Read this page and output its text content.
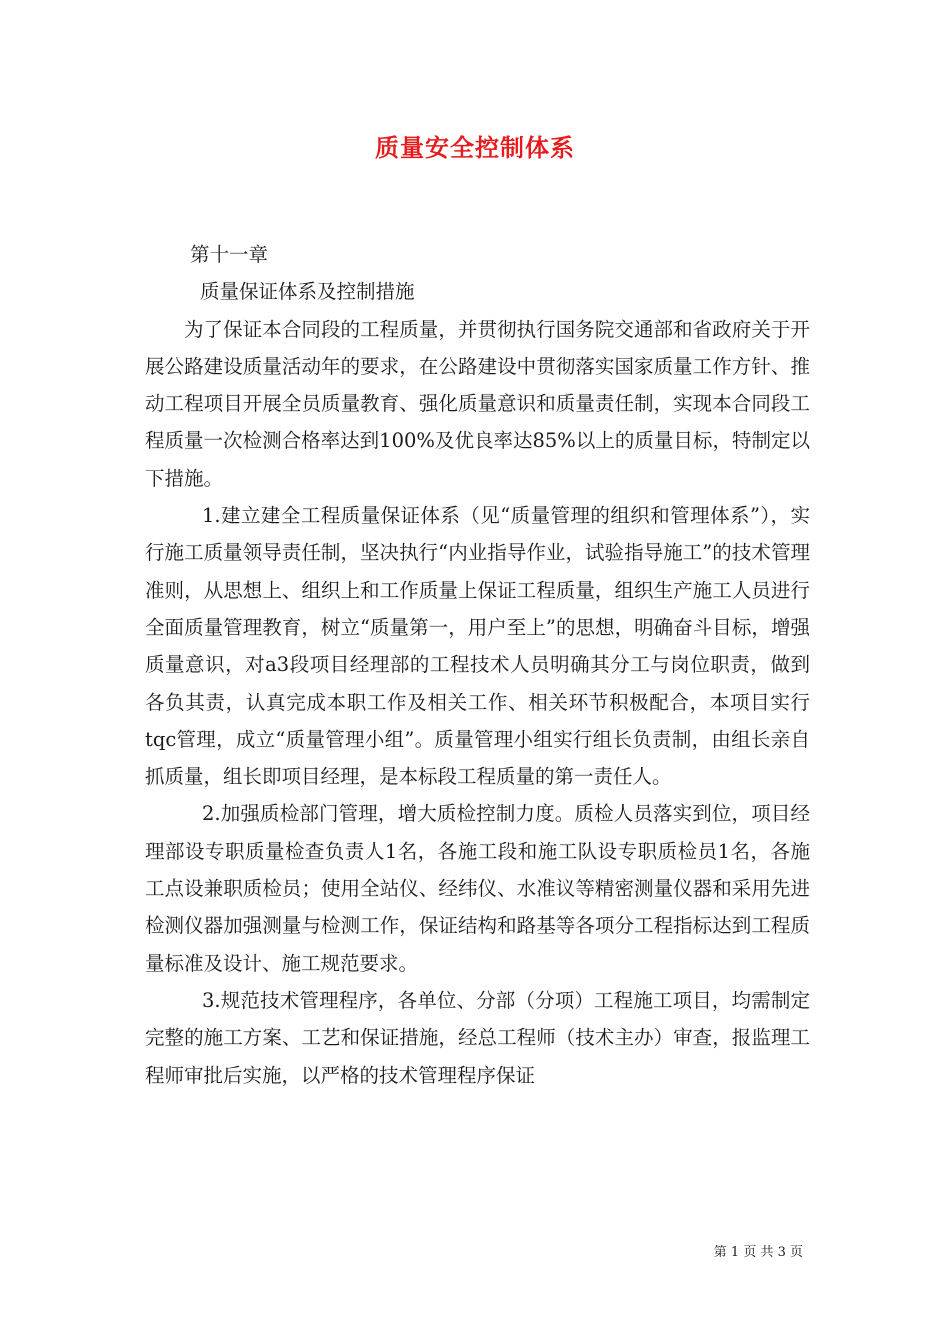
质量安全控制体系

第十一章

质量保证体系及控制措施

为了保证本合同段的工程质量，并贯彻执行国务院交通部和省政府关于开展公路建设质量活动年的要求，在公路建设中贯彻落实国家质量工作方针、推动工程项目开展全员质量教育、强化质量意识和质量责任制，实现本合同段工程质量一次检测合格率达到100%及优良率达85%以上的质量目标，特制定以下措施。

1.建立建全工程质量保证体系（见“质量管理的组织和管理体系”），实行施工质量领导责任制，坚决执行“内业指导作业，试验指导施工”的技术管理准则，从思想上、组织上和工作质量上保证工程质量，组织生产施工人员进行全面质量管理教育，树立“质量第一，用户至上”的思想，明确奋斗目标，增强质量意识，对a3段项目经理部的工程技术人员明确其分工与岗位职责，做到各负其责，认真完成本职工作及相关工作、相关环节积极配合，本项目实行tqc管理，成立“质量管理小组”。质量管理小组实行组长负责制，由组长亲自抓质量，组长即项目经理，是本标段工程质量的第一责任人。

2.加强质检部门管理，增大质检控制力度。质检人员落实到位，项目经理部设专职质量检查负责人1名，各施工段和施工队设专职质检员1名，各施工点设兼职质检员；使用全站仪、经纬仪、水准议等精密测量仪器和采用先进检测仪器加强测量与检测工作，保证结构和路基等各项分工程指标达到工程质量标准及设计、施工规范要求。

3.规范技术管理程序，各单位、分部（分项）工程施工项目，均需制定完整的施工方案、工艺和保证措施，经总工程师（技术主办）审查，报监理工程师审批后实施，以严格的技术管理程序保证

第 1 页 共 3 页
